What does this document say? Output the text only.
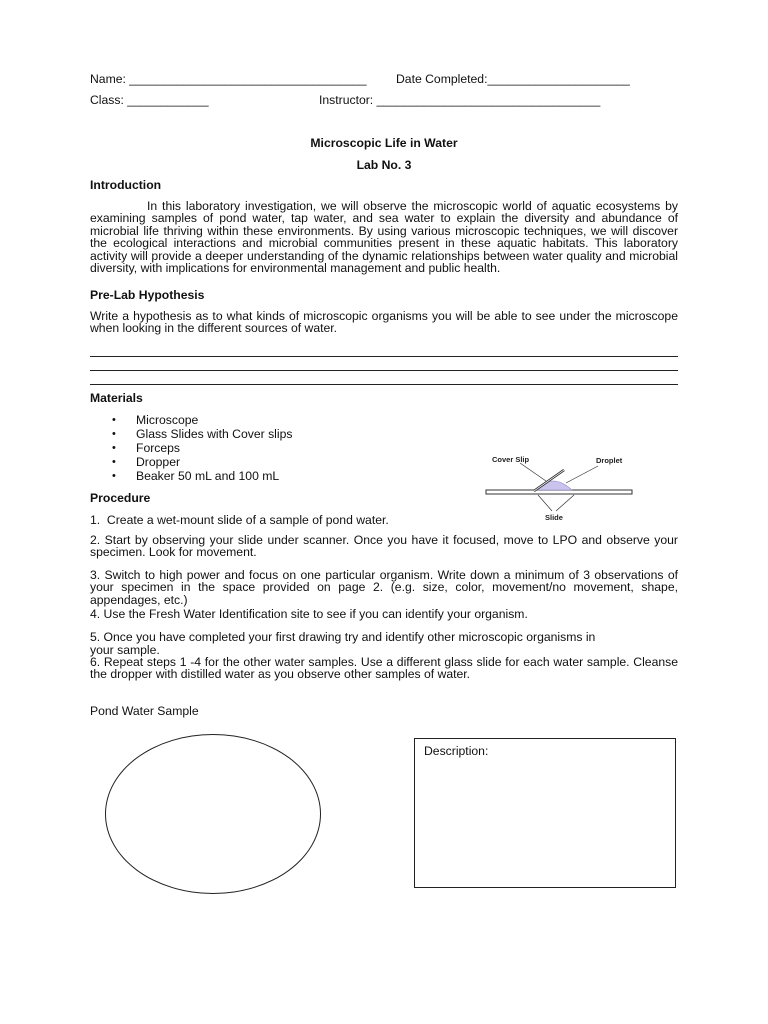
Name: ___________________________________ Date Completed:_____________________
Class: ____________	Instructor: _________________________________
Microscopic Life in Water
Lab No. 3
Introduction
In this laboratory investigation, we will observe the microscopic world of aquatic ecosystems by examining samples of pond water, tap water, and sea water to explain the diversity and abundance of microbial life thriving within these environments. By using various microscopic techniques, we will discover the ecological interactions and microbial communities present in these aquatic habitats. This laboratory activity will provide a deeper understanding of the dynamic relationships between water quality and microbial diversity, with implications for environmental management and public health.
Pre-Lab Hypothesis
Write a hypothesis as to what kinds of microscopic organisms you will be able to see under the microscope when looking in the different sources of water.
Materials
• Microscope
• Glass Slides with Cover slips
• Forceps
• Dropper
• Beaker 50 mL and 100 mL
Cover Slip	Droplet
Slide
Procedure
1.  Create a wet-mount slide of a sample of pond water.
2. Start by observing your slide under scanner. Once you have it focused, move to LPO and observe your specimen. Look for movement.
3. Switch to high power and focus on one particular organism. Write down a minimum of 3 observations of your specimen in the space provided on page 2. (e.g. size, color, movement/no movement, shape, appendages, etc.)
4. Use the Fresh Water Identification site to see if you can identify your organism.
5. Once you have completed your first drawing try and identify other microscopic organisms in
your sample.
6. Repeat steps 1 -4 for the other water samples. Use a different glass slide for each water sample. Cleanse the dropper with distilled water as you observe other samples of water.
Pond Water Sample
Description:
